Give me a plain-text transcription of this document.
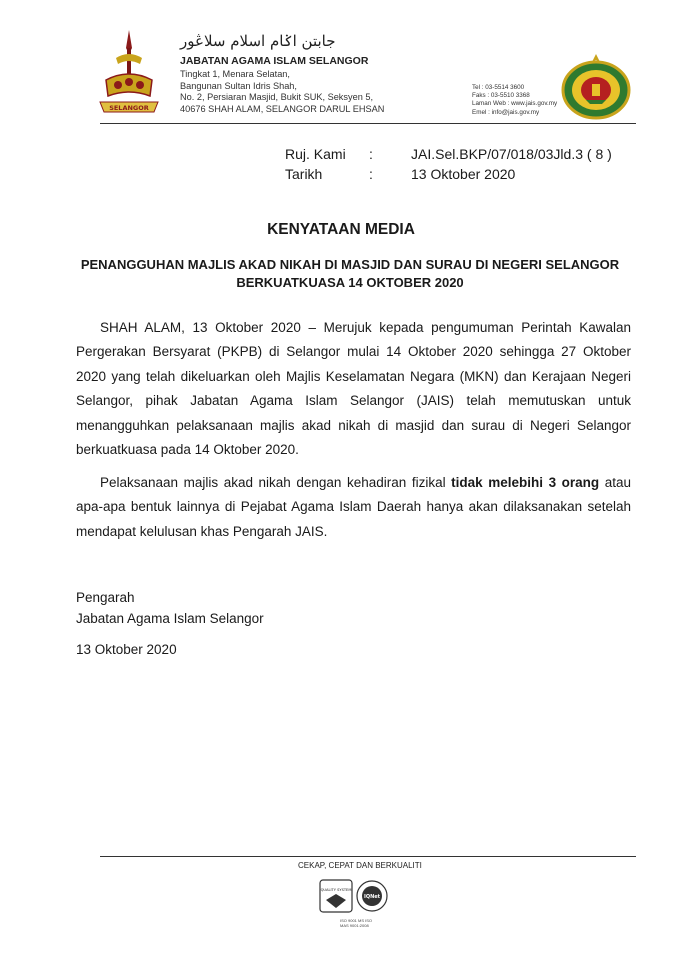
SELANGOR
جابتن اݢام اسلام سلاڠور
JABATAN AGAMA ISLAM SELANGOR
Tingkat 1, Menara Selatan,
Bangunan Sultan Idris Shah,
No. 2, Persiaran Masjid, Bukit SUK, Seksyen 5,
40676 SHAH ALAM, SELANGOR DARUL EHSAN
Tel : 03-5514 3600
Faks : 03-5510 3368
Laman Web : www.jais.gov.my
Emel : info@jais.gov.my
Ruj. Kami :	JAI.Sel.BKP/07/018/03Jld.3 ( 8 )
Tarikh	:	13 Oktober 2020
KENYATAAN MEDIA
PENANGGUHAN MAJLIS AKAD NIKAH DI MASJID DAN SURAU DI NEGERI SELANGOR BERKUATKUASA 14 OKTOBER 2020
SHAH ALAM, 13 Oktober 2020 – Merujuk kepada pengumuman Perintah Kawalan Pergerakan Bersyarat (PKPB) di Selangor mulai 14 Oktober 2020 sehingga 27 Oktober 2020 yang telah dikeluarkan oleh Majlis Keselamatan Negara (MKN) dan Kerajaan Negeri Selangor, pihak Jabatan Agama Islam Selangor (JAIS) telah memutuskan untuk menangguhkan pelaksanaan majlis akad nikah di masjid dan surau di Negeri Selangor berkuatkuasa pada 14 Oktober 2020.
Pelaksanaan majlis akad nikah dengan kehadiran fizikal tidak melebihi 3 orang atau apa-apa bentuk lainnya di Pejabat Agama Islam Daerah hanya akan dilaksanakan setelah mendapat kelulusan khas Pengarah JAIS.
Pengarah
Jabatan Agama Islam Selangor
13 Oktober 2020
CEKAP, CEPAT DAN BERKUALITI
QUALITY SYSTEM
IQNet
ISO 9001 MS ISO
MAS 9001:2008
